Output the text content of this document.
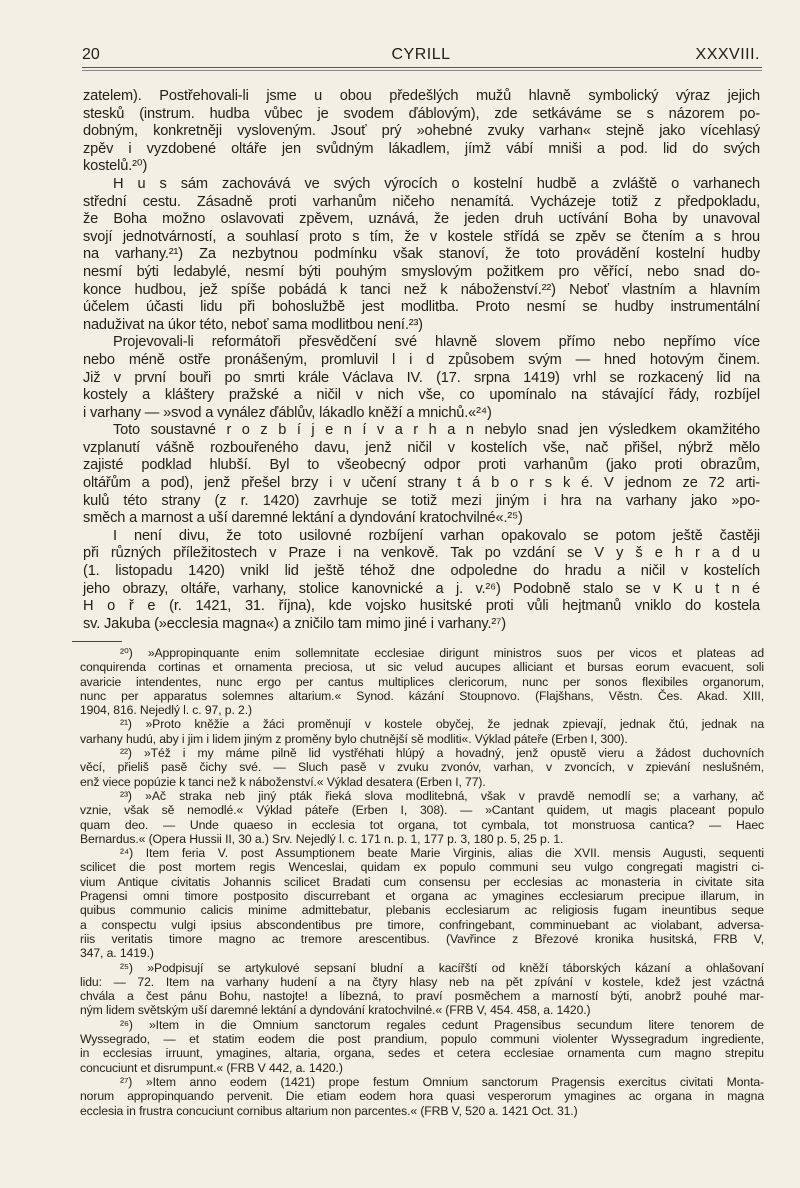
20	CYRILL	XXXVIII.
zatelem). Postřehovali-li jsme u obou předešlých mužů hlavně symbolický výraz jejich
stesků (instrum. hudba vůbec je svodem ďáblovým), zde setkáváme se s názorem po-
dobným, konkretněji vysloveným. Jsouť prý »ohebné zvuky varhan« stejně jako vícehlasý
zpěv i vyzdobené oltáře jen svůdným lákadlem, jímž vábí mniši a pod. lid do svých
kostelů.²⁰)
H u s sám zachovává ve svých výrocích o kostelní hudbě a zvláště o varhanech
střední cestu. Zásadně proti varhanům ničeho nenamítá. Vycházeje totiž z předpokladu,
že Boha možno oslavovati zpěvem, uznává, že jeden druh uctívání Boha by unavoval
svojí jednotvárností, a souhlasí proto s tím, že v kostele střídá se zpěv se čtením a s hrou
na varhany.²¹) Za nezbytnou podmínku však stanoví, že toto provádění kostelní hudby
nesmí býti ledabylé, nesmí býti pouhým smyslovým požitkem pro věřící, nebo snad do-
konce hudbou, jež spíše pobádá k tanci než k náboženství.²²) Neboť vlastním a hlavním
účelem účasti lidu při bohoslužbě jest modlitba. Proto nesmí se hudby instrumentální
naduživat na úkor této, neboť sama modlitbou není.²³)
Projevovali-li reformátoři přesvědčení své hlavně slovem přímo nebo nepřímo více
nebo méně ostře pronášeným, promluvil l i d způsobem svým — hned hotovým činem.
Již v první bouři po smrti krále Václava IV. (17. srpna 1419) vrhl se rozkacený lid na
kostely a kláštery pražské a ničil v nich vše, co upomínalo na stávající řády, rozbíjel
i varhany — »svod a vynález ďáblův, lákadlo kněží a mnichů.«²⁴)
Toto soustavné r o z b í j e n í v a r h a n nebylo snad jen výsledkem okamžitého
vzplanutí vášně rozbouřeného davu, jenž ničil v kostelích vše, nač přišel, nýbrž mělo
zajisté podklad hlubší. Byl to všeobecný odpor proti varhanům (jako proti obrazům,
oltářům a pod), jenž přešel brzy i v učení strany t á b o r s k é. V jednom ze 72 arti-
kulů této strany (z r. 1420) zavrhuje se totiž mezi jiným i hra na varhany jako »po-
směch a marnost a uší daremné lektání a dyndování kratochvilné«.²⁵)
I není divu, že toto usilovné rozbíjení varhan opakovalo se potom ještě častěji
při různých příležitostech v Praze i na venkově. Tak po vzdání se V y š e h r a d u
(1. listopadu 1420) vnikl lid ještě téhož dne odpoledne do hradu a ničil v kostelích
jeho obrazy, oltáře, varhany, stolice kanovnické a j. v.²⁶) Podobně stalo se v K u t n é
H o ř e (r. 1421, 31. října), kde vojsko husitské proti vůli hejtmanů vniklo do kostela
sv. Jakuba (»ecclesia magna«) a zničilo tam mimo jiné i varhany.²⁷)
²⁰) »Appropinquante enim sollemnitate ecclesiae dirigunt ministros suos per vicos et plateas ad
conquirenda cortinas et ornamenta preciosa, ut sic velud aucupes alliciant et bursas eorum evacuent, soli
avaricie intendentes, nunc ergo per cantus multiplices clericorum, nunc per sonos flexibiles organorum,
nunc per apparatus solemnes altarium.« Synod. kázání Stoupnovo. (Flajšhans, Věstn. Čes. Akad. XIII,
1904, 816. Nejedlý l. c. 97, p. 2.)
²¹) »Proto kněžie a žáci proměnují v kostele obyčej, že jednak zpievají, jednak čtú, jednak na
varhany hudú, aby i jim i lidem jiným z proměny bylo chutnější sě modliti«. Výklad páteře (Erben I, 300).
²²) »Též i my máme pilně lid vystřéhati hlúpý a hovadný, jenž opustě vieru a žádost duchovních
věcí, přieliš pasě čichy své. — Sluch pasě v zvuku zvonóv, varhan, v zvoncích, v zpievání neslušném,
enž viece popúzie k tanci než k náboženství.« Výklad desatera (Erben I, 77).
²³) »Ač straka neb jiný pták řieká slova modlitebná, však v pravdě nemodlí se; a varhany, ač
vznie, však sě nemodlé.« Výklad páteře (Erben I, 308). — »Cantant quidem, ut magis placeant populo
quam deo. — Unde quaeso in ecclesia tot organa, tot cymbala, tot monstruosa cantica? — Haec
Bernardus.« (Opera Hussii II, 30 a.) Srv. Nejedlý l. c. 171 n. p. 1, 177 p. 3, 180 p. 5, 25 p. 1.
²⁴) Item feria V. post Assumptionem beate Marie Virginis, alias die XVII. mensis Augusti, sequenti
scilicet die post mortem regis Wenceslai, quidam ex populo communi seu vulgo congregati magistri ci-
vium Antique civitatis Johannis scilicet Bradati cum consensu per ecclesias ac monasteria in civitate sita
Pragensi omni timore postposito discurrebant et organa ac ymagines ecclesiarum precipue illarum, in
quibus communio calicis minime admittebatur, plebanis ecclesiarum ac religiosis fugam ineuntibus seque
a conspectu vulgi ipsius abscondentibus pre timore, confringebant, comminuebant ac violabant, adversa-
riis veritatis timore magno ac tremore arescentibus. (Vavřince z Březové kronika husitská, FRB V,
347, a. 1419.)
²⁵) »Podpisují se artykulové sepsaní bludní a kacířští od kněží táborských kázaní a ohlašovaní
lidu: — 72. Item na varhany hudení a na čtyry hlasy neb na pět zpívání v kostele, kdež jest vzáctná
chvála a čest pánu Bohu, nastojte! a líbezná, to praví posměchem a marností býti, anobrž pouhé mar-
ným lidem světským uší daremné lektání a dyndování kratochvilné.« (FRB V, 454. 458, a. 1420.)
²⁶) »Item in die Omnium sanctorum regales cedunt Pragensibus secundum litere tenorem de
Wyssegrado, — et statim eodem die post prandium, populo communi violenter Wyssegradum ingrediente,
in ecclesias irruunt, ymagines, altaria, organa, sedes et cetera ecclesiae ornamenta cum magno strepitu
concuciunt et disrumpunt.« (FRB V 442, a. 1420.)
²⁷) »Item anno eodem (1421) prope festum Omnium sanctorum Pragensis exercitus civitati Monta-
norum appropinquando pervenit. Die etiam eodem hora quasi vesperorum ymagines ac organa in magna
ecclesia in frustra concuciunt cornibus altarium non parcentes.« (FRB V, 520 a. 1421 Oct. 31.)
